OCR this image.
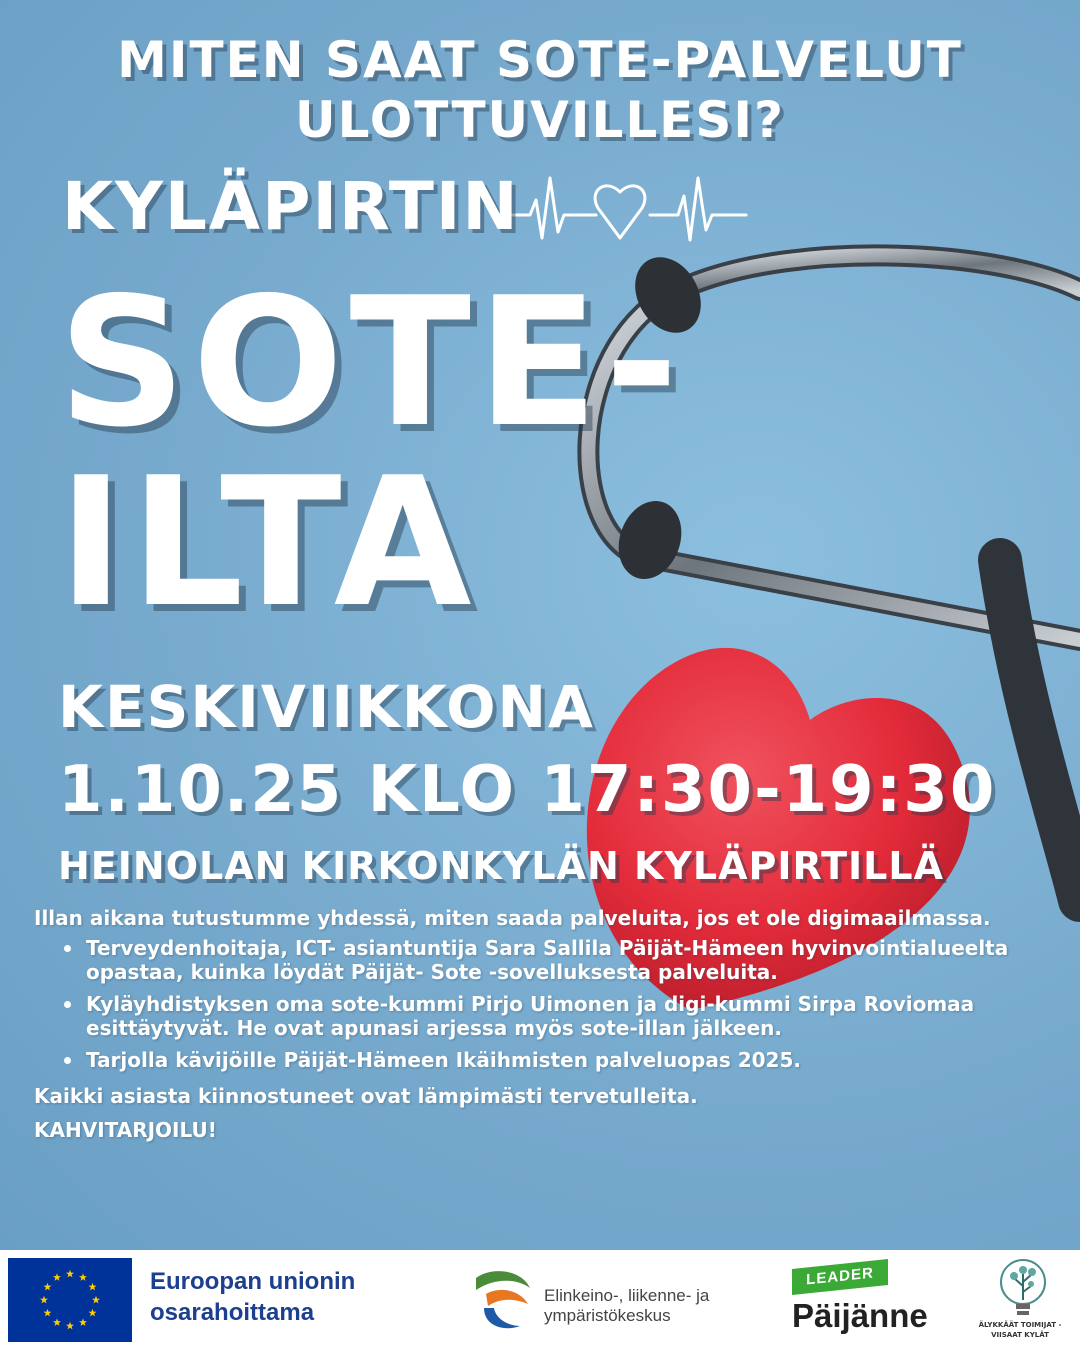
MITEN SAAT SOTE-PALVELUT
ULOTTUVILLESI?
KYLÄPIRTIN
SOTE-
ILTA
KESKIVIIKKONA
1.10.25 KLO 17:30-19:30
HEINOLAN KIRKONKYLÄN KYLÄPIRTILLÄ

Illan aikana tutustumme yhdessä, miten saada palveluita, jos et ole digimaailmassa.

Terveydenhoitaja, ICT- asiantuntija Sara Sallila Päijät-Hämeen hyvinvointialueelta opastaa, kuinka löydät Päijät- Sote -sovelluksesta palveluita.
Kyläyhdistyksen oma sote-kummi Pirjo Uimonen ja digi-kummi Sirpa Roviomaa esittäytyvät. He ovat apunasi arjessa myös sote-illan jälkeen.
Tarjolla kävijöille Päijät-Hämeen Ikäihmisten palveluopas 2025.

Kaikki asiasta kiinnostuneet ovat lämpimästi tervetulleita.

KAHVITARJOILU!

Euroopan unionin
osarahoittama
Elinkeino-, liikenne- ja
ympäristökeskus
LEADER
Päijänne	ÄLYKKÄÄT TOIMIJAT -
VIISAAT KYLÄT
